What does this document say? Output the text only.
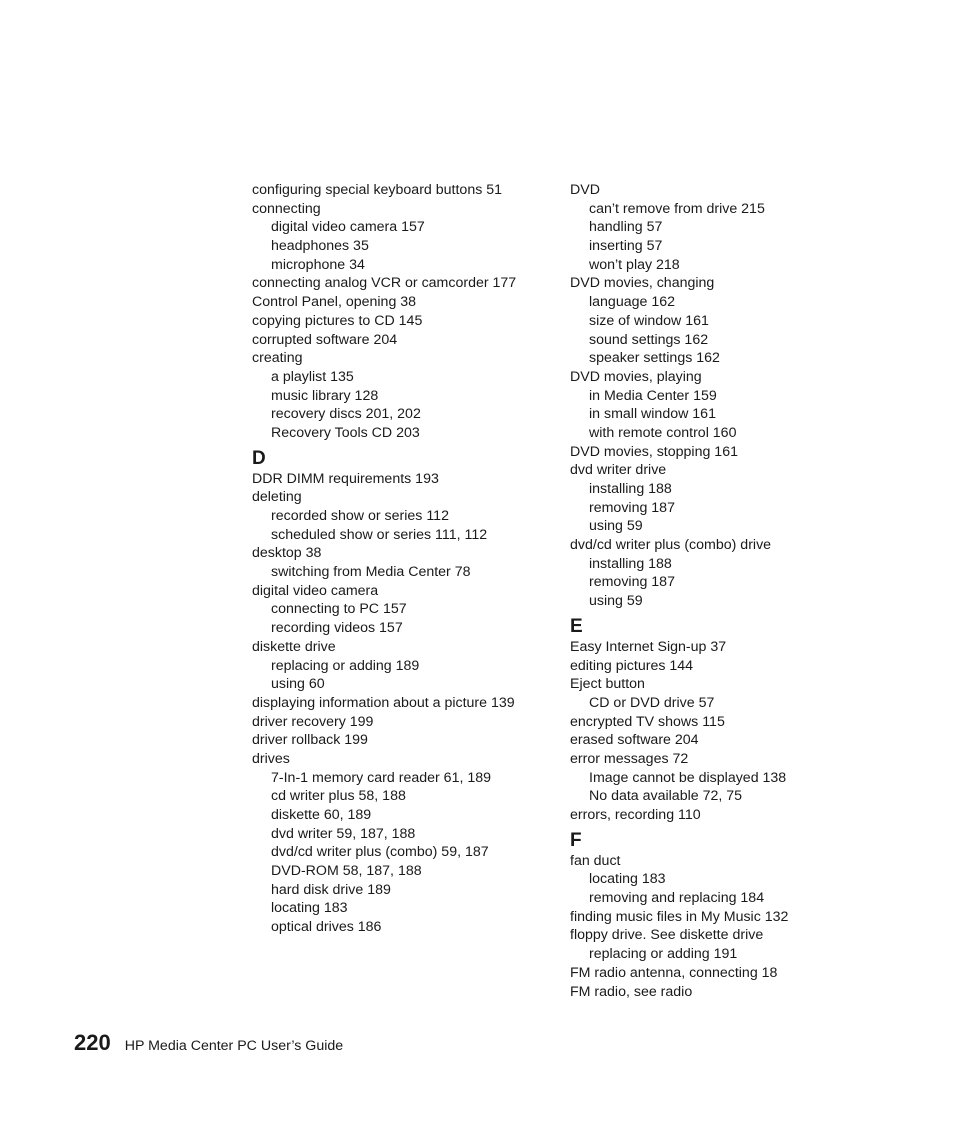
configuring special keyboard buttons 51
connecting
digital video camera 157
headphones 35
microphone 34
connecting analog VCR or camcorder 177
Control Panel, opening 38
copying pictures to CD 145
corrupted software 204
creating
a playlist 135
music library 128
recovery discs 201, 202
Recovery Tools CD 203
D
DDR DIMM requirements 193
deleting
recorded show or series 112
scheduled show or series 111, 112
desktop 38
switching from Media Center 78
digital video camera
connecting to PC 157
recording videos 157
diskette drive
replacing or adding 189
using 60
displaying information about a picture 139
driver recovery 199
driver rollback 199
drives
7-In-1 memory card reader 61, 189
cd writer plus 58, 188
diskette 60, 189
dvd writer 59, 187, 188
dvd/cd writer plus (combo) 59, 187
DVD-ROM 58, 187, 188
hard disk drive 189
locating 183
optical drives 186
DVD
can’t remove from drive 215
handling 57
inserting 57
won’t play 218
DVD movies, changing
language 162
size of window 161
sound settings 162
speaker settings 162
DVD movies, playing
in Media Center 159
in small window 161
with remote control 160
DVD movies, stopping 161
dvd writer drive
installing 188
removing 187
using 59
dvd/cd writer plus (combo) drive
installing 188
removing 187
using 59
E
Easy Internet Sign-up 37
editing pictures 144
Eject button
CD or DVD drive 57
encrypted TV shows 115
erased software 204
error messages 72
Image cannot be displayed 138
No data available 72, 75
errors, recording 110
F
fan duct
locating 183
removing and replacing 184
finding music files in My Music 132
floppy drive. See diskette drive
replacing or adding 191
FM radio antenna, connecting 18
FM radio, see radio
220 HP Media Center PC User’s Guide
